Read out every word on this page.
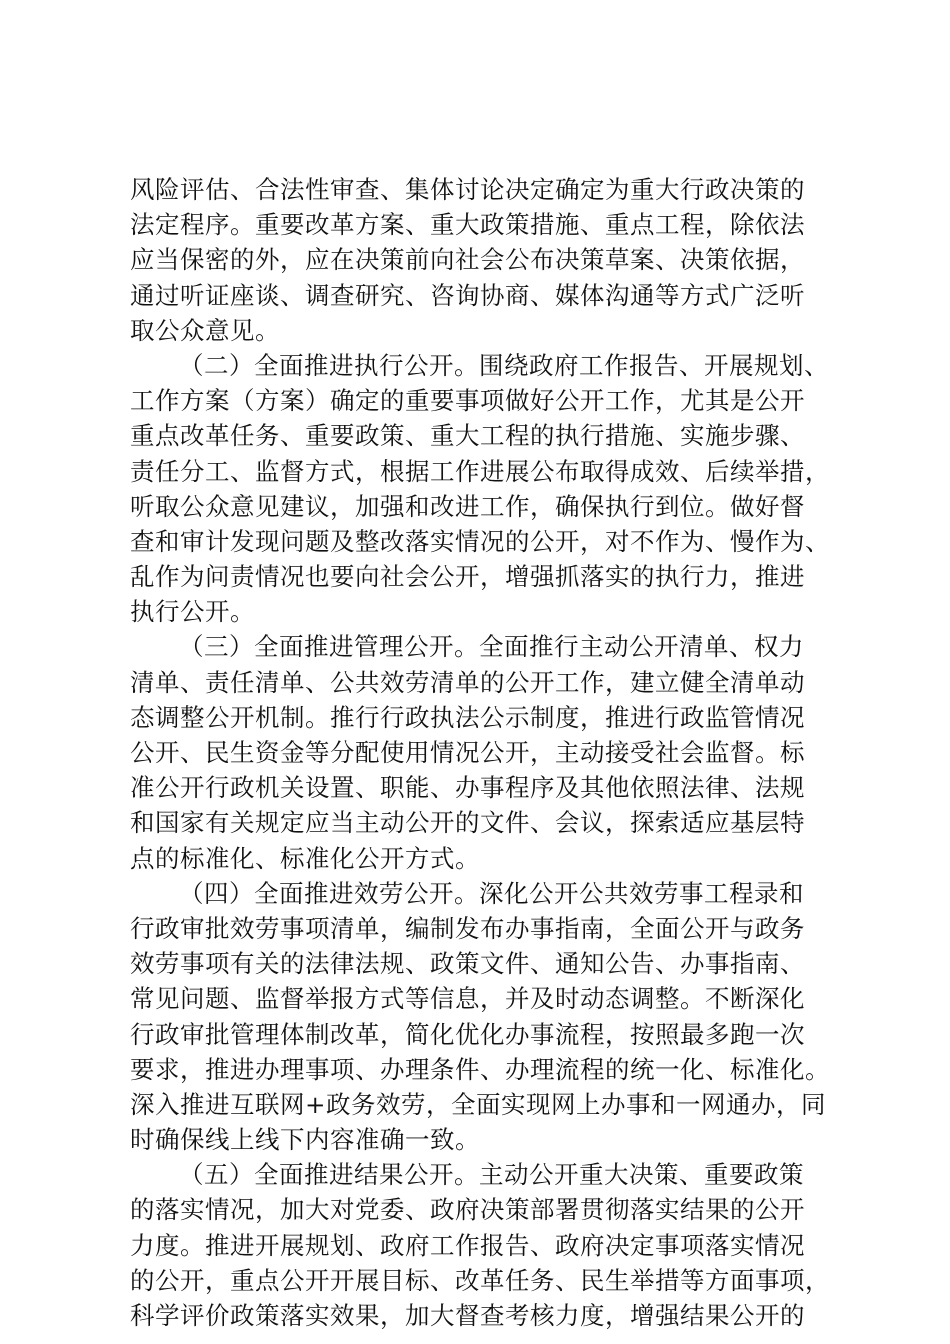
风险评估、合法性审查、集体讨论决定确定为重大行政决策的
法定程序。重要改革方案、重大政策措施、重点工程，除依法
应当保密的外，应在决策前向社会公布决策草案、决策依据，
通过听证座谈、调查研究、咨询协商、媒体沟通等方式广泛听
取公众意见。
（二）全面推进执行公开。围绕政府工作报告、开展规划、
工作方案（方案）确定的重要事项做好公开工作，尤其是公开
重点改革任务、重要政策、重大工程的执行措施、实施步骤、
责任分工、监督方式，根据工作进展公布取得成效、后续举措，
听取公众意见建议，加强和改进工作，确保执行到位。做好督
查和审计发现问题及整改落实情况的公开，对不作为、慢作为、
乱作为问责情况也要向社会公开，增强抓落实的执行力，推进
执行公开。
（三）全面推进管理公开。全面推行主动公开清单、权力
清单、责任清单、公共效劳清单的公开工作，建立健全清单动
态调整公开机制。推行行政执法公示制度，推进行政监管情况
公开、民生资金等分配使用情况公开，主动接受社会监督。标
准公开行政机关设置、职能、办事程序及其他依照法律、法规
和国家有关规定应当主动公开的文件、会议，探索适应基层特
点的标准化、标准化公开方式。
（四）全面推进效劳公开。深化公开公共效劳事工程录和
行政审批效劳事项清单，编制发布办事指南，全面公开与政务
效劳事项有关的法律法规、政策文件、通知公告、办事指南、
常见问题、监督举报方式等信息，并及时动态调整。不断深化
行政审批管理体制改革，简化优化办事流程，按照最多跑一次
要求，推进办理事项、办理条件、办理流程的统一化、标准化。
深入推进互联网+政务效劳，全面实现网上办事和一网通办，同
时确保线上线下内容准确一致。
（五）全面推进结果公开。主动公开重大决策、重要政策
的落实情况，加大对党委、政府决策部署贯彻落实结果的公开
力度。推进开展规划、政府工作报告、政府决定事项落实情况
的公开，重点公开开展目标、改革任务、民生举措等方面事项，
科学评价政策落实效果，加大督查考核力度，增强结果公开的
